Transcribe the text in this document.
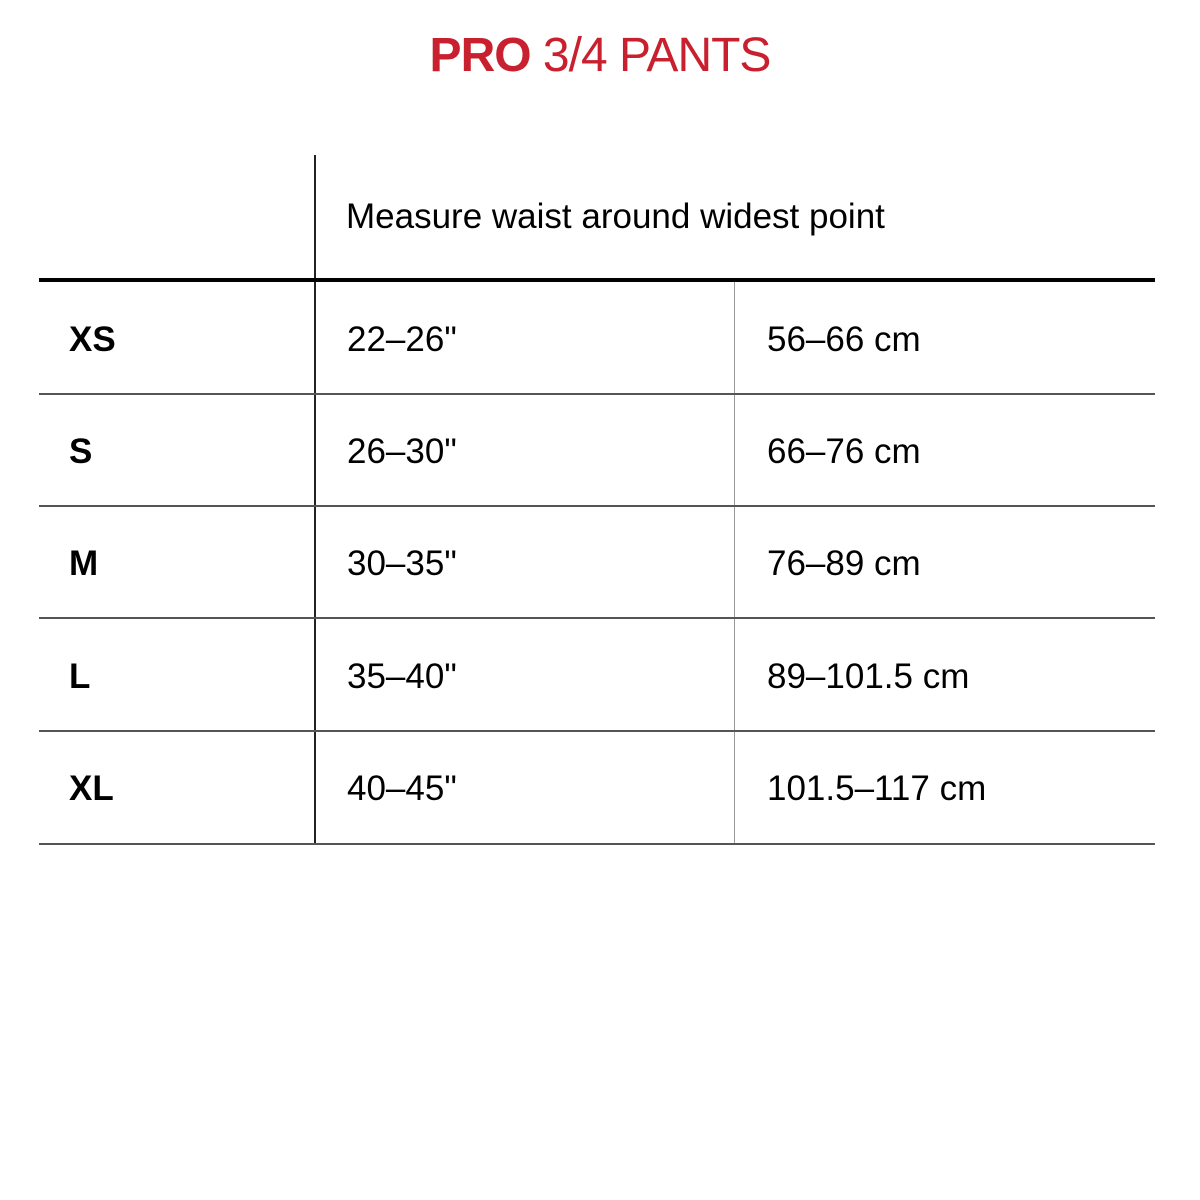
PRO 3/4 PANTS
Measure waist around widest point
XS	22–26"	56–66 cm
S	26–30"	66–76 cm
M	30–35"	76–89 cm
L	35–40"	89–101.5 cm
XL	40–45"	101.5–117 cm
